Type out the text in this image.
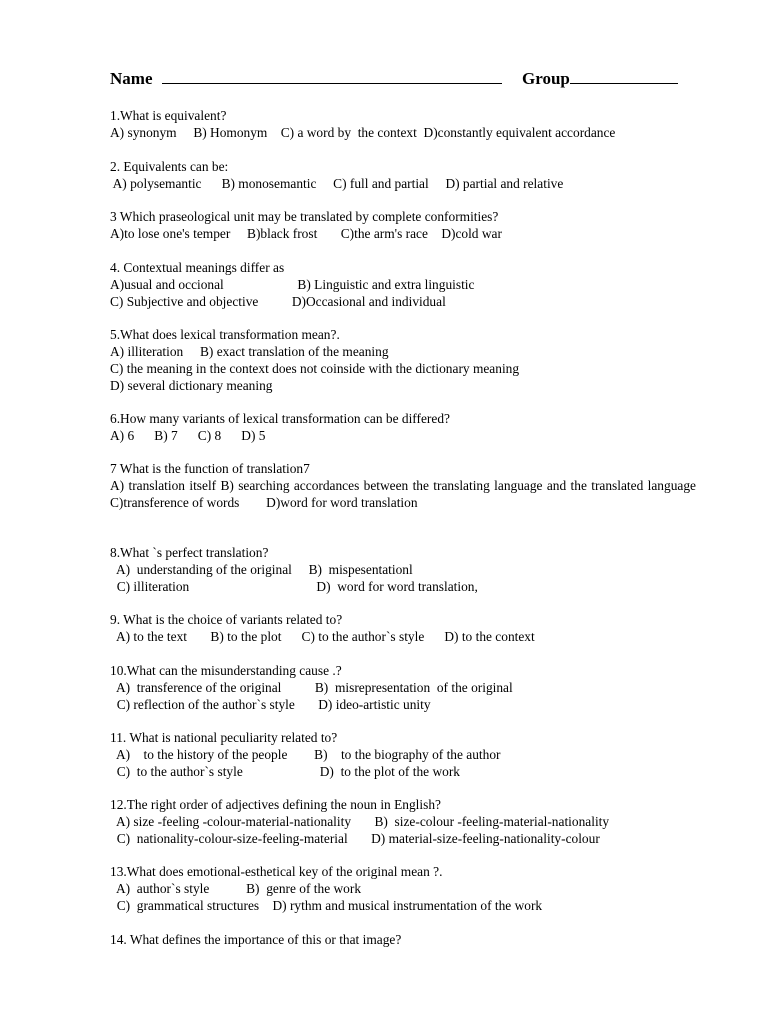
Name	Group
1.What is equivalent?
A) synonym     B) Homonym    C) a word by  the context  D)constantly equivalent accordance
2. Equivalents can be:
A) polysemantic      B) monosemantic     C) full and partial     D) partial and relative
3 Which praseological unit may be translated by complete conformities?
A)to lose one's temper     B)black frost       C)the arm's race    D)cold war
4. Contextual meanings differ as
A)usual and occional                      B) Linguistic and extra linguistic
C) Subjective and objective          D)Occasional and individual
5.What does lexical transformation mean?.
A) illiteration     B) exact translation of the meaning
C) the meaning in the context does not coinside with the dictionary meaning
D) several dictionary meaning
6.How many variants of lexical transformation can be differed?
A) 6      B) 7      C) 8      D) 5
7 What is the function of translation7
A) translation itself B) searching accordances between the translating language and the translated language
C)transference of words        D)word for word translation
8.What `s perfect translation?
A)  understanding of the original     B)  mispesentationl
C) illiteration                                      D)  word for word translation,
9. What is the choice of variants related to?
A) to the text       B) to the plot      C) to the author`s style      D) to the context
10.What can the misunderstanding cause .?
A)  transference of the original          B)  misrepresentation  of the original
C) reflection of the author`s style       D) ideo-artistic unity
11. What is national peculiarity related to?
A)    to the history of the people        B)    to the biography of the author
C)  to the author`s style                       D)  to the plot of the work
12.The right order of adjectives defining the noun in English?
A) size -feeling -colour-material-nationality       B)  size-colour -feeling-material-nationality
C)  nationality-colour-size-feeling-material       D) material-size-feeling-nationality-colour
13.What does emotional-esthetical key of the original mean ?.
A)  author`s style           B)  genre of the work
C)  grammatical structures    D) rythm and musical instrumentation of the work
14. What defines the importance of this or that image?
